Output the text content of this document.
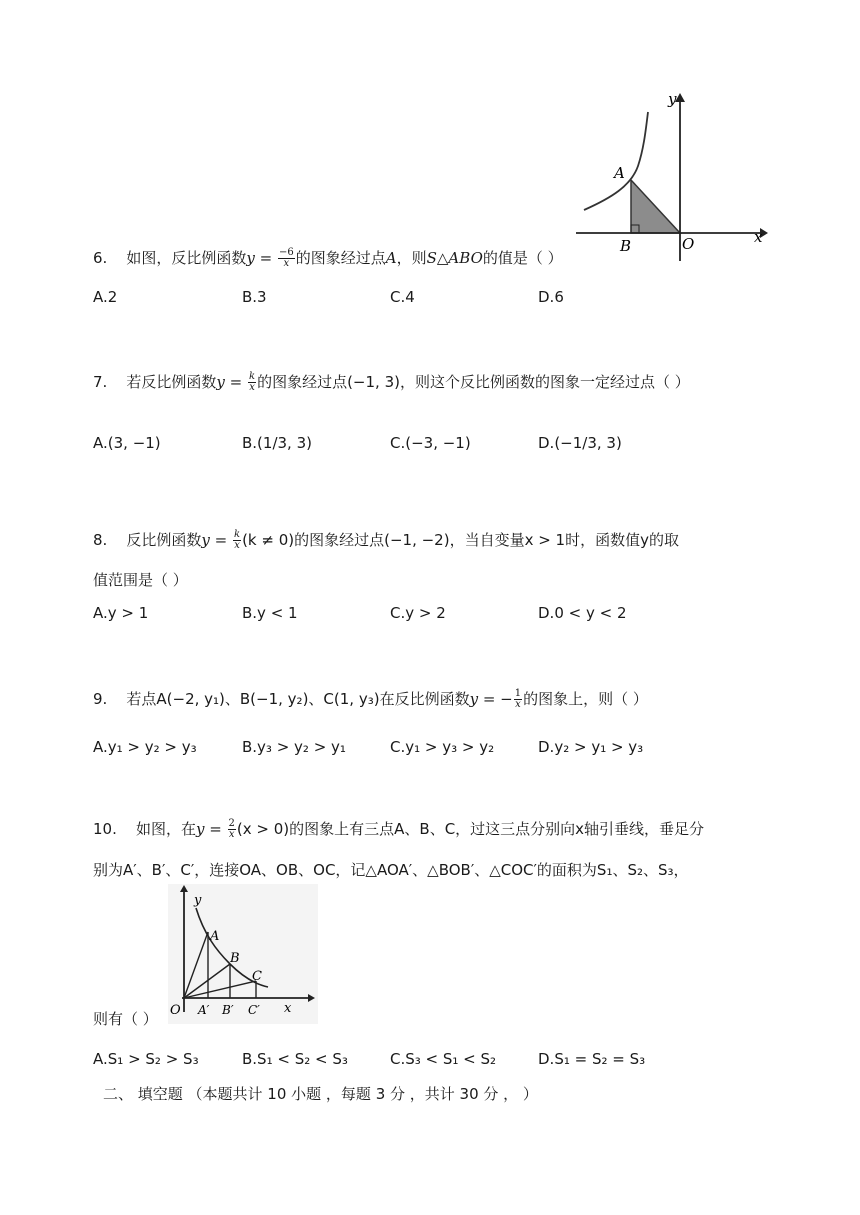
y
x
A
B	O
6. 如图，反比例函数$y = \frac{-6}{x}$ 的图象经过点A，则S△ABO的值是（ ）
A.2	B.3	C.4	D.6
7. 若反比例函数$y = \frac{k}{x}$ 的图象经过点(−1, 3)，则这个反比例函数的图象一定经过点（ ）
A.(3, −1)	B.(1/3, 3)	C.(−3, −1)	D.(−1/3, 3)
8. 反比例函数$y = \frac{k}{x} (k \ne 0)$的图象经过点(−1, −2)，当自变量x > 1时，函数值y的取
值范围是（ ）
A.y > 1	B.y < 1	C.y > 2	D.0 < y < 2
9. 若点A(−2, y₁)、B(−1, y₂)、C(1, y₃)在反比例函数y = − $\frac{1}{x}$ 的图象上，则（ ）
A.y₁ > y₂ > y₃	B.y₃ > y₂ > y₁	C.y₁ > y₃ > y₂	D.y₂ > y₁ > y₃
10. 如图，在$y = \frac{2}{x} (x > 0)$的图象上有三点A、B、C，过这三点分别向x轴引垂线，垂足分
别为A′、B′、C′，连接OA、OB、OC，记△AOA′、△BOB′、△COC′的面积为S₁、S₂、S₃，
y
x
O
A
B
C
A′ B′ C′
则有（ ）
A.S₁ > S₂ > S₃	B.S₁ < S₂ < S₃	C.S₃ < S₁ < S₂	D.S₁ = S₂ = S₃
二、 填空题 （本题共计 10 小题 ，每题 3 分 ，共计 30 分 ， ）
